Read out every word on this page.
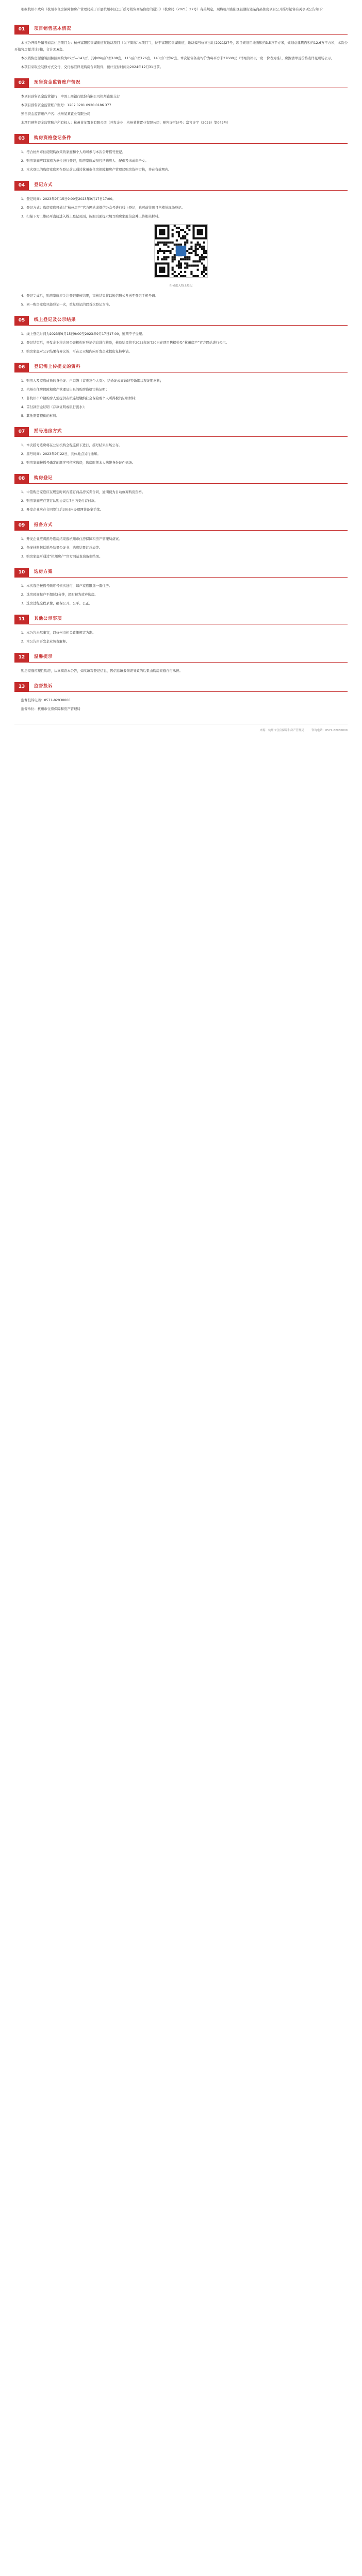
根据杭州市政府《杭州市住房保障和房产管理局关于开展杭州市区公开摇号销售商品住房的通知》（杭房局〔2021〕27号）有关规定，现将杭州富阳区银湖街道某商品住房项目公开摇号销售有关事项公告如下：

01	项目销售基本情况

本次公开摇号销售商品住房项目为：杭州富阳区银湖街道某地块项目（以下简称“本项目”），位于富阳区银湖街道，地块编号杭富出让[2021]27号，项目规划用地面积约3.5万平方米，规划总建筑面积约12.6万平方米，本次公开销售房源共计3幢，合计316套。

本次销售房源建筑面积区间约为89㎡—143㎡，其中89㎡户型108套，115㎡户型126套，143㎡户型82套。本次销售备案均价为每平方米27600元（详细价格以一房一价表为准），房源清单及价格表详见现场公示。

本项目采取全装修方式交付，交付标准详见购房合同附件，预计交付时间为2024年12月31日前。

02	预售资金监管账户情况

本项目预售资金监管银行：中国工商银行股份有限公司杭州富阳支行

本项目预售资金监管账户账号：1202 0281 0920 0186 377

预售资金监管账户户名：杭州某某置业有限公司

本项目预售资金监管账户所有权人：杭州某某置业有限公司（开发企业：杭州某某置业有限公司；预售许可证号：富售许字（2023）第042号）

03	购房资格登记条件

1、符合杭州市住房限购政策的家庭和个人均可参与本次公开摇号登记。

2、购房家庭应以家庭为单位进行登记，购房家庭成员包括购房人、配偶及未成年子女。

3、本次登记的购房家庭须在登记前已通过杭州市住房保障和房产管理局购房资格审核，并在有效期内。

04	登记方式

1、登记时间：2023年9月15日9:00至2023年9月17日17:00。

2、登记方式：购房家庭可通过“杭州房产”官方网站或微信公众号进行线上登记，也可前往项目售楼处现场登记。

3、扫描下方二维码可直接进入线上登记页面，按照页面提示填写购房家庭信息并上传相关材料。

扫码进入线上登记

4、登记完成后，购房家庭应关注登记审核结果，审核结果将以短信形式发送至登记手机号码。

5、同一购房家庭只能登记一次，重复登记的以首次登记为准。

05	线上登记及公示结果

1、线上登记时间为2023年9月15日9:00至2023年9月17日17:00，逾期不予受理。

2、登记结束后，开发企业将会同公证机构对登记信息进行核验，核验结果将于2023年9月20日在项目售楼处及“杭州房产”官方网站进行公示。

3、购房家庭对公示结果有异议的，可在公示期内向开发企业提出复核申请。

06	登记需上传提交的资料

1、购房人及家庭成员的身份证、户口簿（首页及个人页）、结婚证或离婚证等婚姻状况证明材料；

2、杭州市住房保障和房产管理局出具的购房资格审核证明；

3、非杭州市户籍购房人需提供在杭连续缴纳社会保险或个人所得税的证明材料；

4、首付款资金证明（存款证明或银行流水）；

5、其他需要提供的材料。

07	摇号选房方式

1、本次摇号选房将在公证机构全程监督下进行，摇号结果当场公布。

2、摇号时间：2023年9月22日，具体地点另行通知。

3、购房家庭按摇号确定的顺序号依次选房，选房时须本人携带身份证件到场。

08	购房登记

1、中签购房家庭应在规定时间内签订商品房买卖合同，逾期视为自动放弃购房资格。

2、购房家庭应在签订认购协议后7日内支付首付款。

3、开发企业应在合同签订后30日内办理网签备案手续。

09	报备方式

1、开发企业应将摇号选房结果报杭州市住房保障和房产管理局备案。

2、备案材料包括摇号结果公证书、选房结果汇总表等。

3、购房家庭可通过“杭州房产”官方网站查询备案结果。

10	选房方案

1、本次选房按摇号顺序号依次进行，每户家庭限选一套住房。

2、选房时间每户不超过3分钟，超时视为放弃选房。

3、选房过程全程录像，确保公开、公平、公正。

11	其他公示事项

1、本公告未尽事宜，以杭州市相关政策规定为准。

2、本公告由开发企业负责解释。

12	温馨提示

购房家庭应理性购房，认真阅读本公告，如实填写登记信息，因信息填报错误导致的后果由购房家庭自行承担。

13	监督投诉

监督投诉电话：0571-82930000

监督单位：杭州市住房保障和房产管理局

来源：杭州市住房保障和房产管理局	咨询电话：0571-82930000
